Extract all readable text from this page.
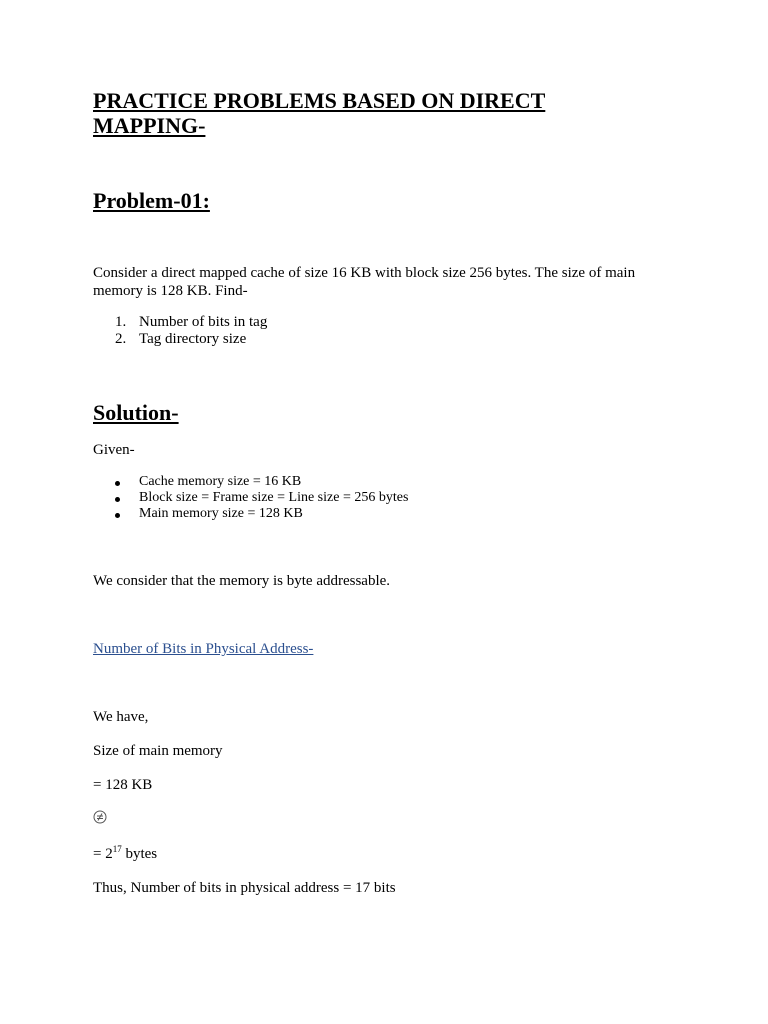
PRACTICE PROBLEMS BASED ON DIRECT MAPPING-
Problem-01:

Consider a direct mapped cache of size 16 KB with block size 256 bytes. The size of main memory is 128 KB. Find-

1. Number of bits in tag
2. Tag directory size
Solution-

Given-

Cache memory size = 16 KB
Block size = Frame size = Line size = 256 bytes
Main memory size = 128 KB

We consider that the memory is byte addressable.

Number of Bits in Physical Address-

We have,

Size of main memory

= 128 KB

= $2^{17}$ bytes

Thus, Number of bits in physical address = 17 bits
